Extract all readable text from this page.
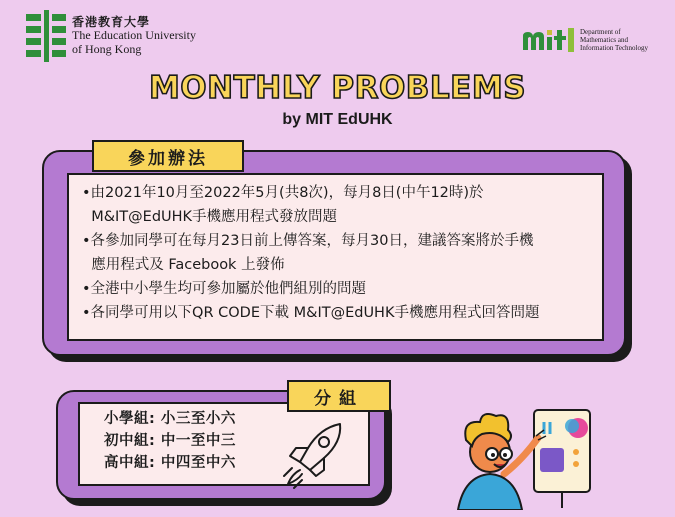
香港教育大學
The Education University
of Hong Kong
Department of
Mathematics and
Information Technology
MONTHLY PROBLEMS
by MIT EdUHK
參加辦法
•由2021年10月至2022年5月(共8次)，每月8日(中午12時)於
M&IT@EdUHK手機應用程式發放問題
•各參加同學可在每月23日前上傳答案，每月30日，建議答案將於手機
應用程式及 Facebook 上發佈
•全港中小學生均可參加屬於他們組別的問題
•各同學可用以下QR CODE下載 M&IT@EdUHK手機應用程式回答問題
分組
小學組: 小三至小六
初中組: 中一至中三
高中組: 中四至中六
